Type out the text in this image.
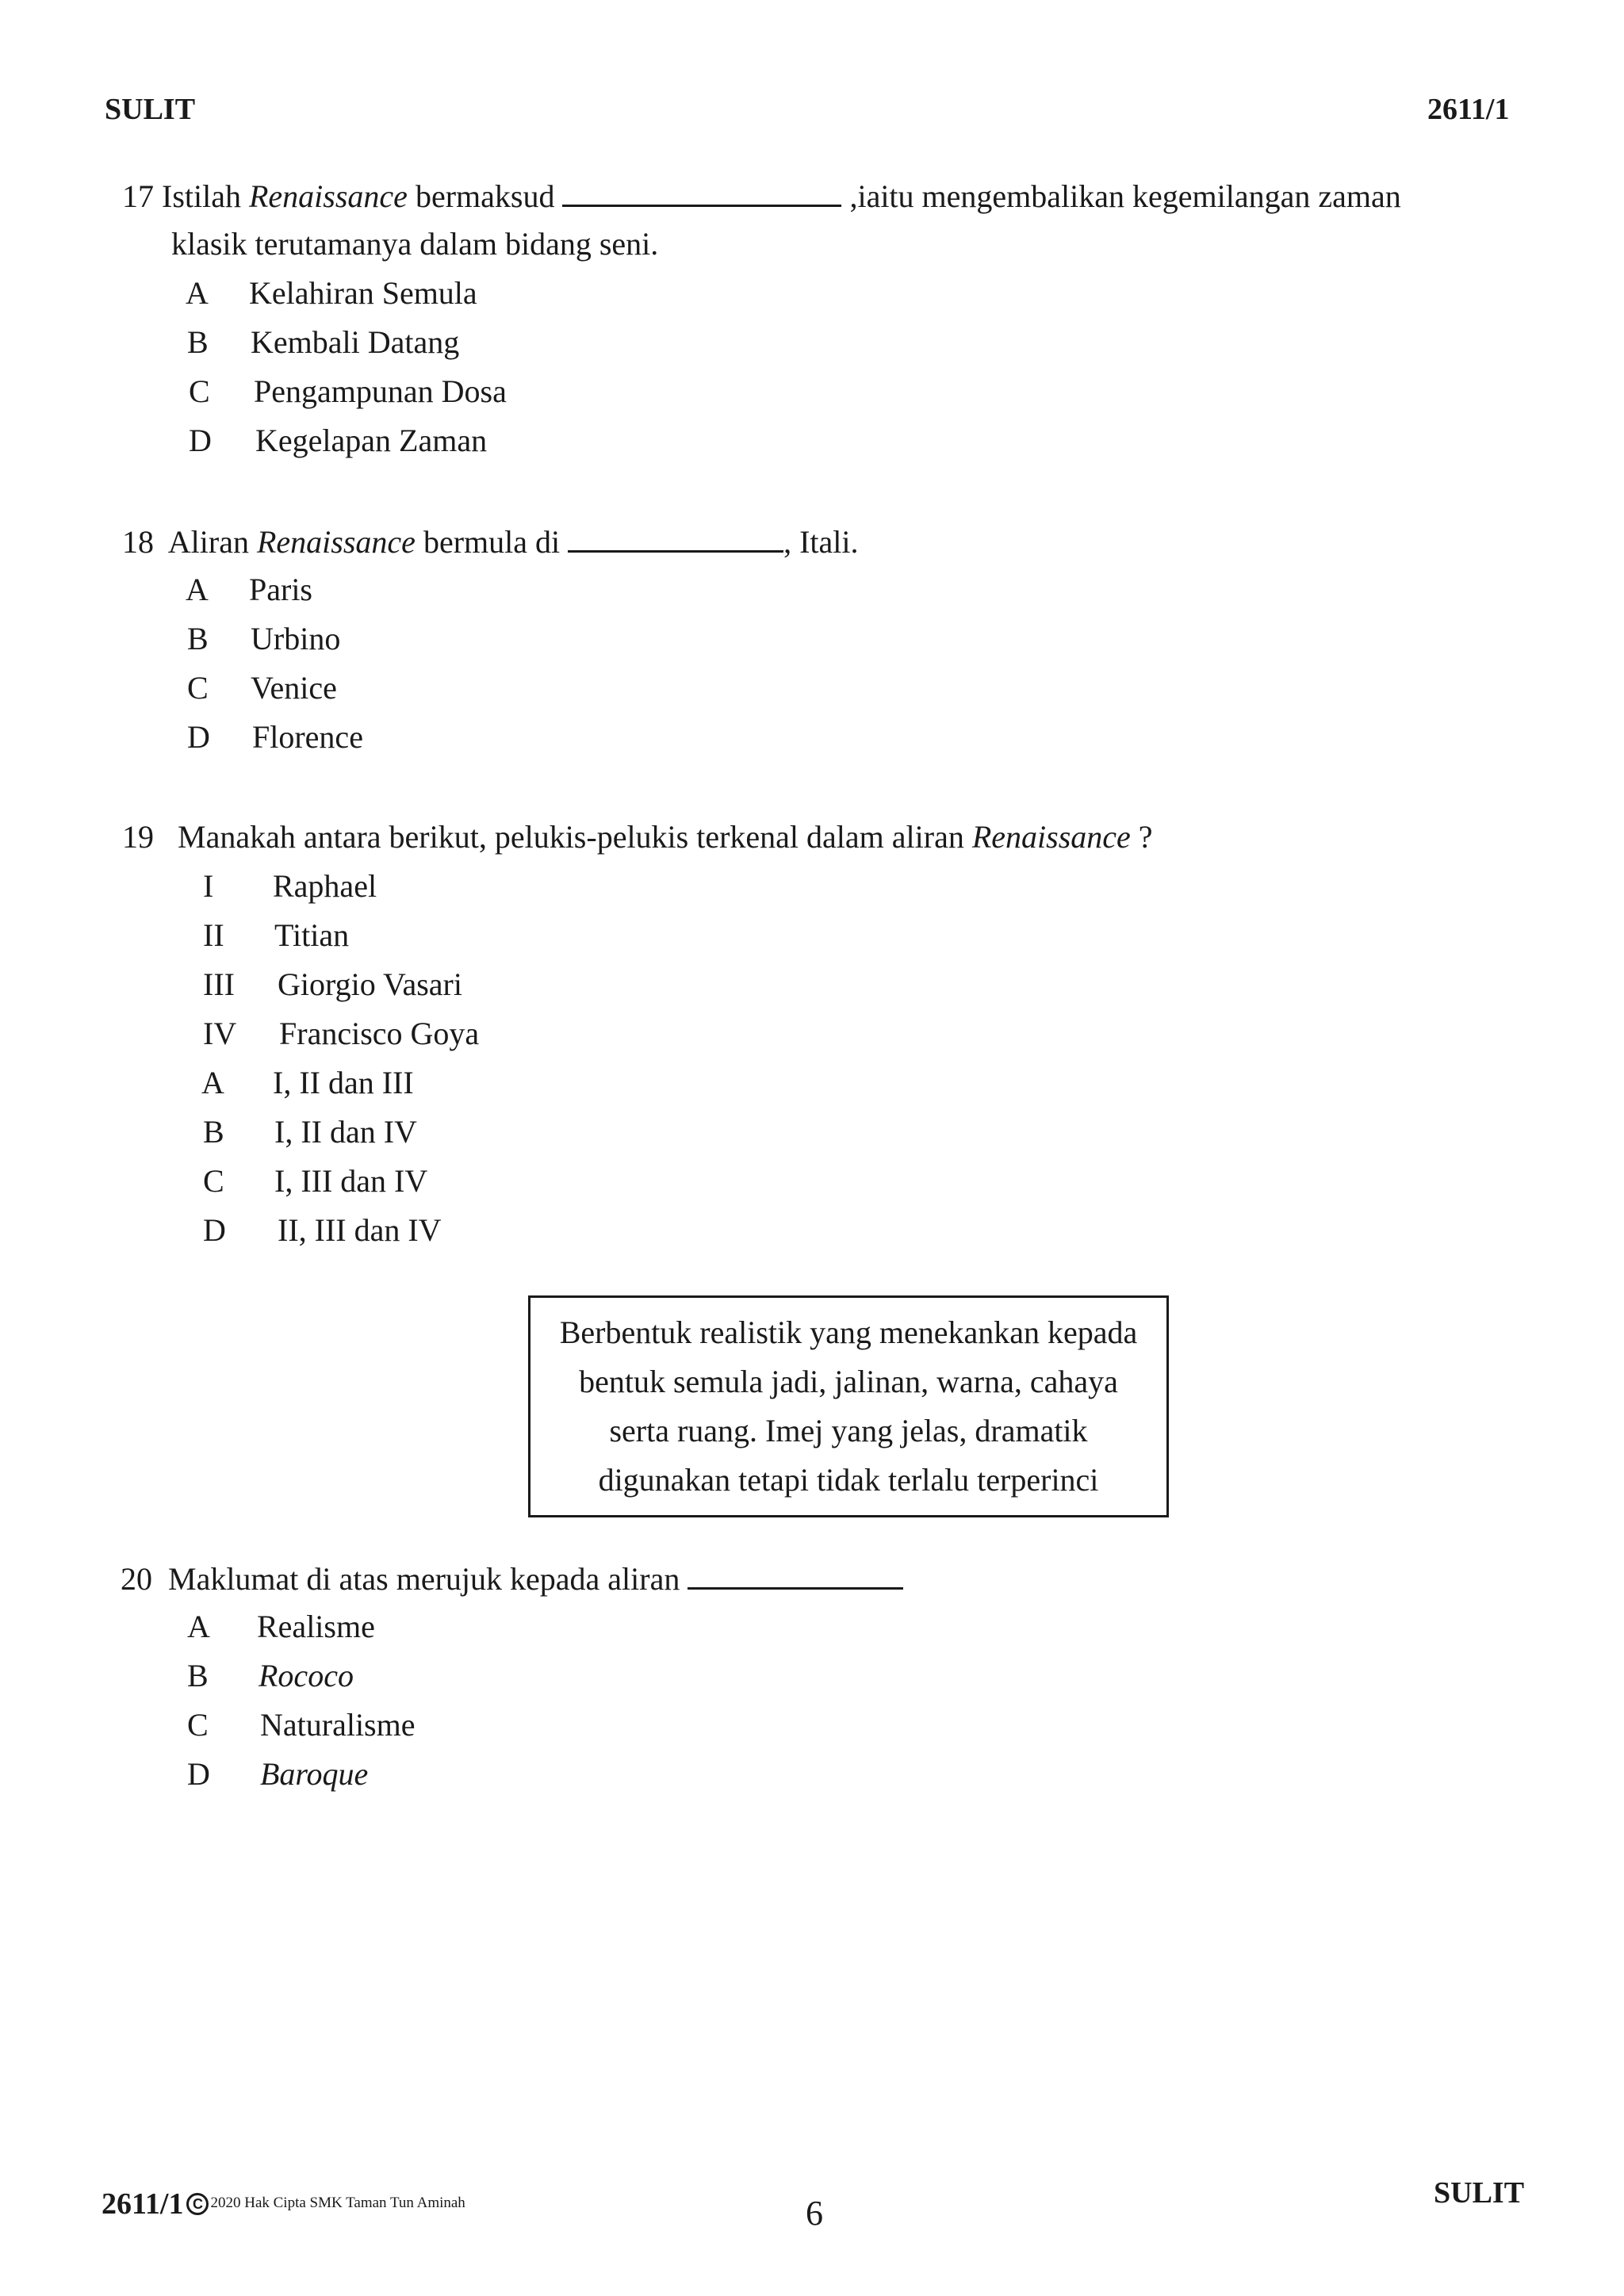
SULIT	2611/1
17 Istilah Renaissance bermaksud	,iaitu mengembalikan kegemilangan zaman
klasik terutamanya dalam bidang seni.
A Kelahiran Semula
B Kembali Datang
C Pengampunan Dosa
D Kegelapan Zaman
18 Aliran Renaissance bermula di	, Itali.
A Paris
B Urbino
C Venice
D Florence
19 Manakah antara berikut, pelukis-pelukis terkenal dalam aliran Renaissance ?
I Raphael
II Titian
III Giorgio Vasari
IV Francisco Goya
A I, II dan III
B I, II dan IV
C I, III dan IV
D II, III dan IV
Berbentuk realistik yang menekankan kepada
bentuk semula jadi, jalinan, warna, cahaya
serta ruang. Imej yang jelas, dramatik
digunakan tetapi tidak terlalu terperinci
20 Maklumat di atas merujuk kepada aliran
A Realisme
B Rococo
C Naturalisme
D Baroque
2611/1 C 2020 Hak Cipta SMK Taman Tun Aminah	6
SULIT
